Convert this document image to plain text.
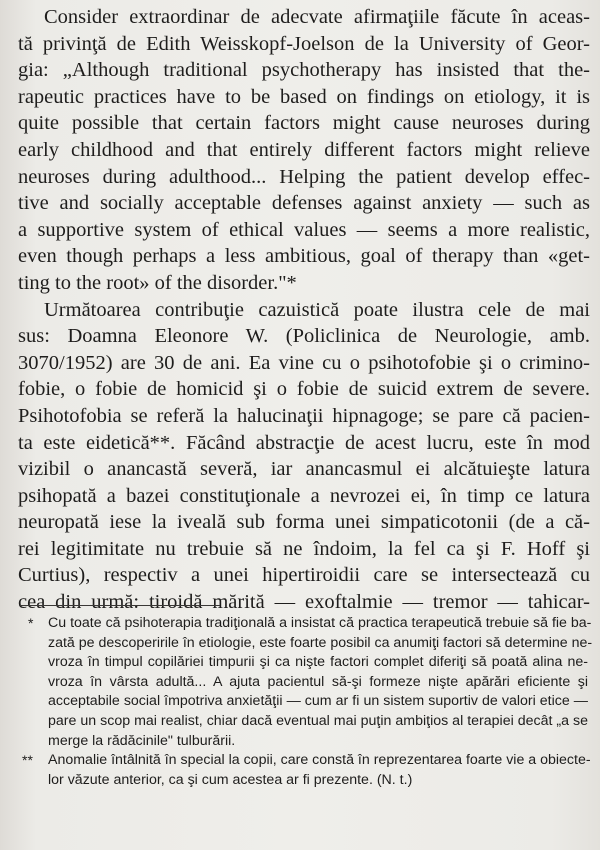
Consider extraordinar de adecvate afirmaţiile făcute în aceas-
tă privinţă de Edith Weisskopf-Joelson de la University of Geor-
gia: „Although traditional psychotherapy has insisted that the-
rapeutic practices have to be based on findings on etiology, it is
quite possible that certain factors might cause neuroses during
early childhood and that entirely different factors might relieve
neuroses during adulthood... Helping the patient develop effec-
tive and socially acceptable defenses against anxiety — such as
a supportive system of ethical values — seems a more realistic,
even though perhaps a less ambitious, goal of therapy than «get-
ting to the root» of the disorder."*
Următoarea contribuţie cazuistică poate ilustra cele de mai
sus: Doamna Eleonore W. (Policlinica de Neurologie, amb.
3070/1952) are 30 de ani. Ea vine cu o psihotofobie şi o crimino-
fobie, o fobie de homicid şi o fobie de suicid extrem de severe.
Psihotofobia se referă la halucinaţii hipnagoge; se pare că pacien-
ta este eidetică**. Făcând abstracţie de acest lucru, este în mod
vizibil o anancastă severă, iar anancasmul ei alcătuieşte latura
psihopată a bazei constituţionale a nevrozei ei, în timp ce latura
neuropată iese la iveală sub forma unei simpaticotonii (de a că-
rei legitimitate nu trebuie să ne îndoim, la fel ca şi F. Hoff şi
Curtius), respectiv a unei hipertiroidii care se intersectează cu
cea din urmă: tiroidă mărită — exoftalmie — tremor — tahicar-
* Cu toate că psihoterapia tradiţională a insistat că practica terapeutică trebuie să fie ba-
zată pe descoperirile în etiologie, este foarte posibil ca anumiţi factori să determine ne-
vroza în timpul copilăriei timpurii şi ca nişte factori complet diferiţi să poată alina ne-
vroza în vârsta adultă... A ajuta pacientul să-şi formeze nişte apărări eficiente şi
acceptabile social împotriva anxietăţii — cum ar fi un sistem suportiv de valori etice —
pare un scop mai realist, chiar dacă eventual mai puţin ambiţios al terapiei decât „a se
merge la rădăcinile" tulburării.
** Anomalie întâlnită în special la copii, care constă în reprezentarea foarte vie a obiecte-
lor văzute anterior, ca şi cum acestea ar fi prezente. (N. t.)
